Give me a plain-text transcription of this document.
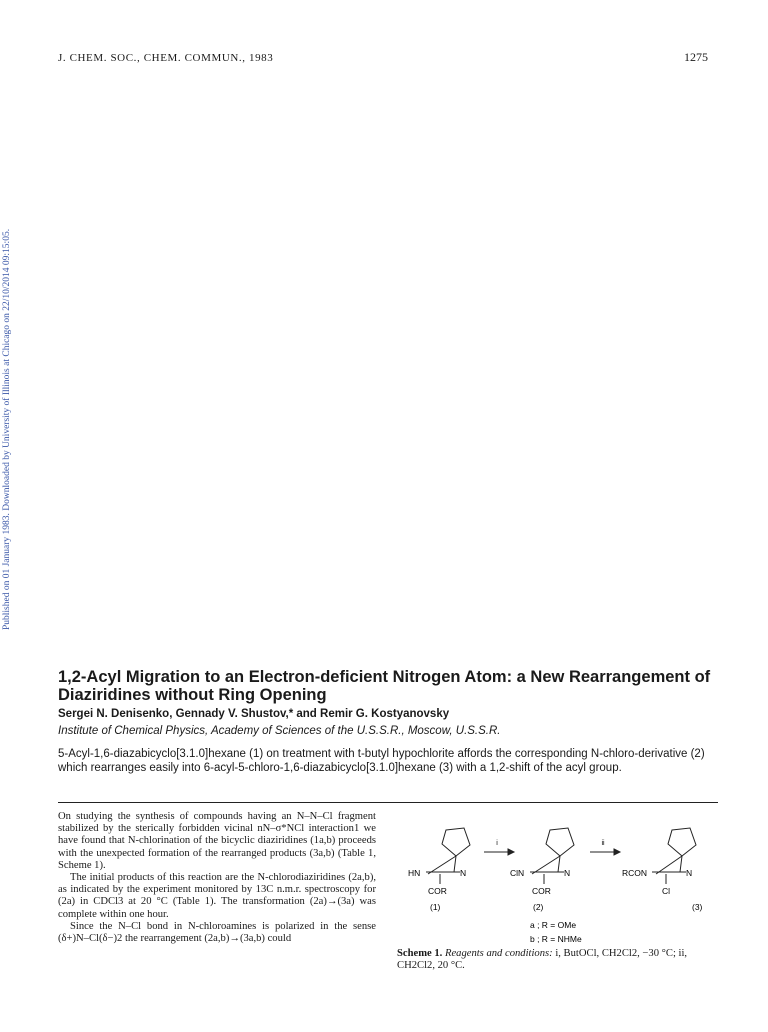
J. CHEM. SOC., CHEM. COMMUN., 1983	1275
Published on 01 January 1983. Downloaded by University of Illinois at Chicago on 22/10/2014 09:15:05.
1,2-Acyl Migration to an Electron-deficient Nitrogen Atom: a New Rearrangement of Diaziridines without Ring Opening
Sergei N. Denisenko, Gennady V. Shustov,* and Remir G. Kostyanovsky
Institute of Chemical Physics, Academy of Sciences of the U.S.S.R., Moscow, U.S.S.R.
5-Acyl-1,6-diazabicyclo[3.1.0]hexane (1) on treatment with t-butyl hypochlorite affords the corresponding N-chloro-derivative (2) which rearranges easily into 6-acyl-5-chloro-1,6-diazabicyclo[3.1.0]hexane (3) with a 1,2-shift of the acyl group.

On studying the synthesis of compounds having an N–N–Cl fragment stabilized by the sterically forbidden vicinal nN–σ*NCl interaction1 we have found that N-chlorination of the bicyclic diaziridines (1a,b) proceeds with the unexpected formation of the rearranged products (3a,b) (Table 1, Scheme 1).

The initial products of this reaction are the N-chlorodiaziridines (2a,b), as indicated by the experiment monitored by 13C n.m.r. spectroscopy for (2a) in CDCl3 at 20 °C (Table 1). The transformation (2a)→(3a) was complete within one hour.

Since the N–Cl bond in N-chloroamines is polarized in the sense (δ+)N–Cl(δ−)2 the rearrangement (2a,b)→(3a,b) could

HN	N
COR
(1)
i
ClN	N
COR
(2)
ii
RCON	N
Cl
(3)
a ; R = OMe
b ; R = NHMe
Scheme 1. Reagents and conditions: i, ButOCl, CH2Cl2, −30 °C; ii, CH2Cl2, 20 °C.
